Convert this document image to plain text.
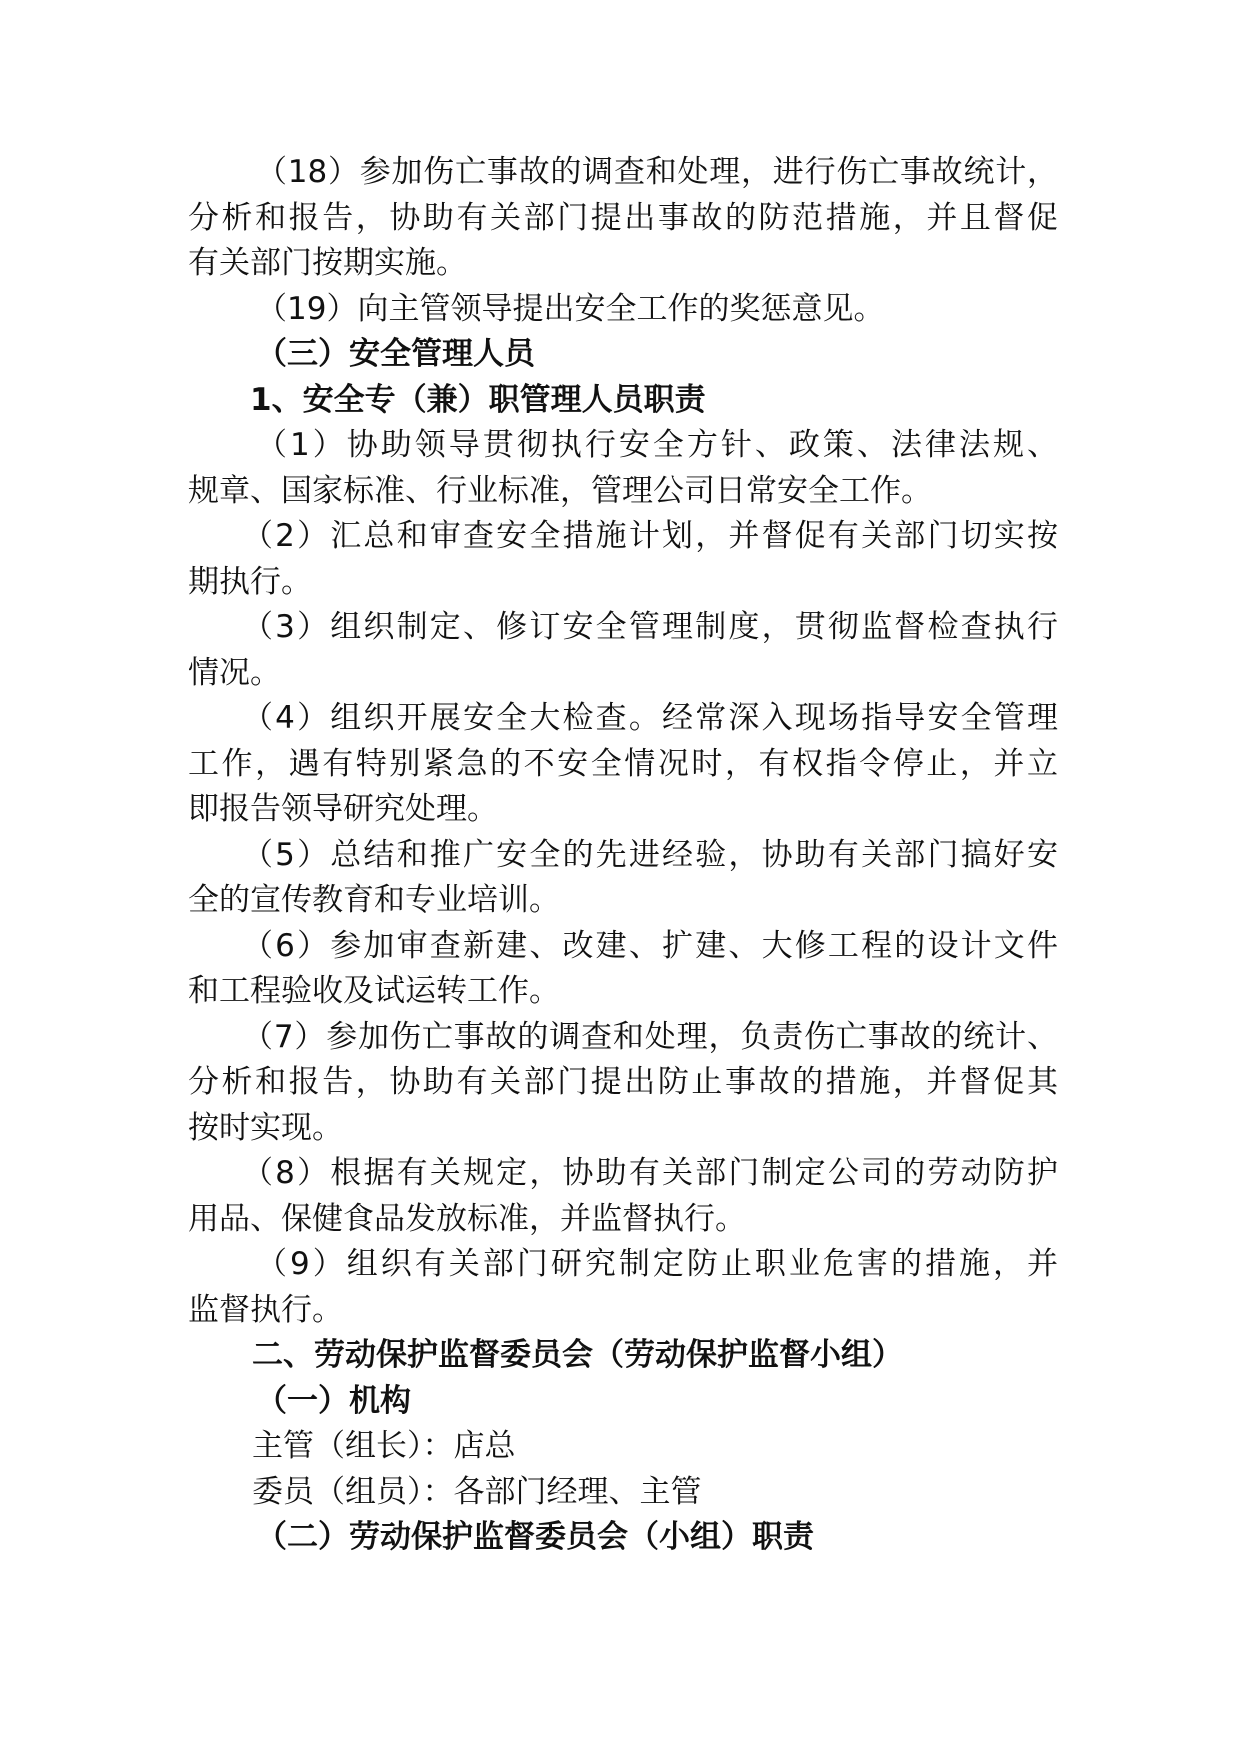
（18）参加伤亡事故的调查和处理，进行伤亡事故统计，

分析和报告，协助有关部门提出事故的防范措施，并且督促

有关部门按期实施。

（19）向主管领导提出安全工作的奖惩意见。

（三）安全管理人员

1、安全专（兼）职管理人员职责

（1）协助领导贯彻执行安全方针、政策、法律法规、

规章、国家标准、行业标准，管理公司日常安全工作。

（2）汇总和审查安全措施计划，并督促有关部门切实按

期执行。

（3）组织制定、修订安全管理制度，贯彻监督检查执行

情况。

（4）组织开展安全大检查。经常深入现场指导安全管理

工作，遇有特别紧急的不安全情况时，有权指令停止，并立

即报告领导研究处理。

（5）总结和推广安全的先进经验，协助有关部门搞好安

全的宣传教育和专业培训。

（6）参加审查新建、改建、扩建、大修工程的设计文件

和工程验收及试运转工作。

（7）参加伤亡事故的调查和处理，负责伤亡事故的统计、

分析和报告，协助有关部门提出防止事故的措施，并督促其

按时实现。

（8）根据有关规定，协助有关部门制定公司的劳动防护

用品、保健食品发放标准，并监督执行。

（9）组织有关部门研究制定防止职业危害的措施，并

监督执行。

二、劳动保护监督委员会（劳动保护监督小组）

（一）机构

主管（组长）：店总

委员（组员）：各部门经理、主管

（二）劳动保护监督委员会（小组）职责
